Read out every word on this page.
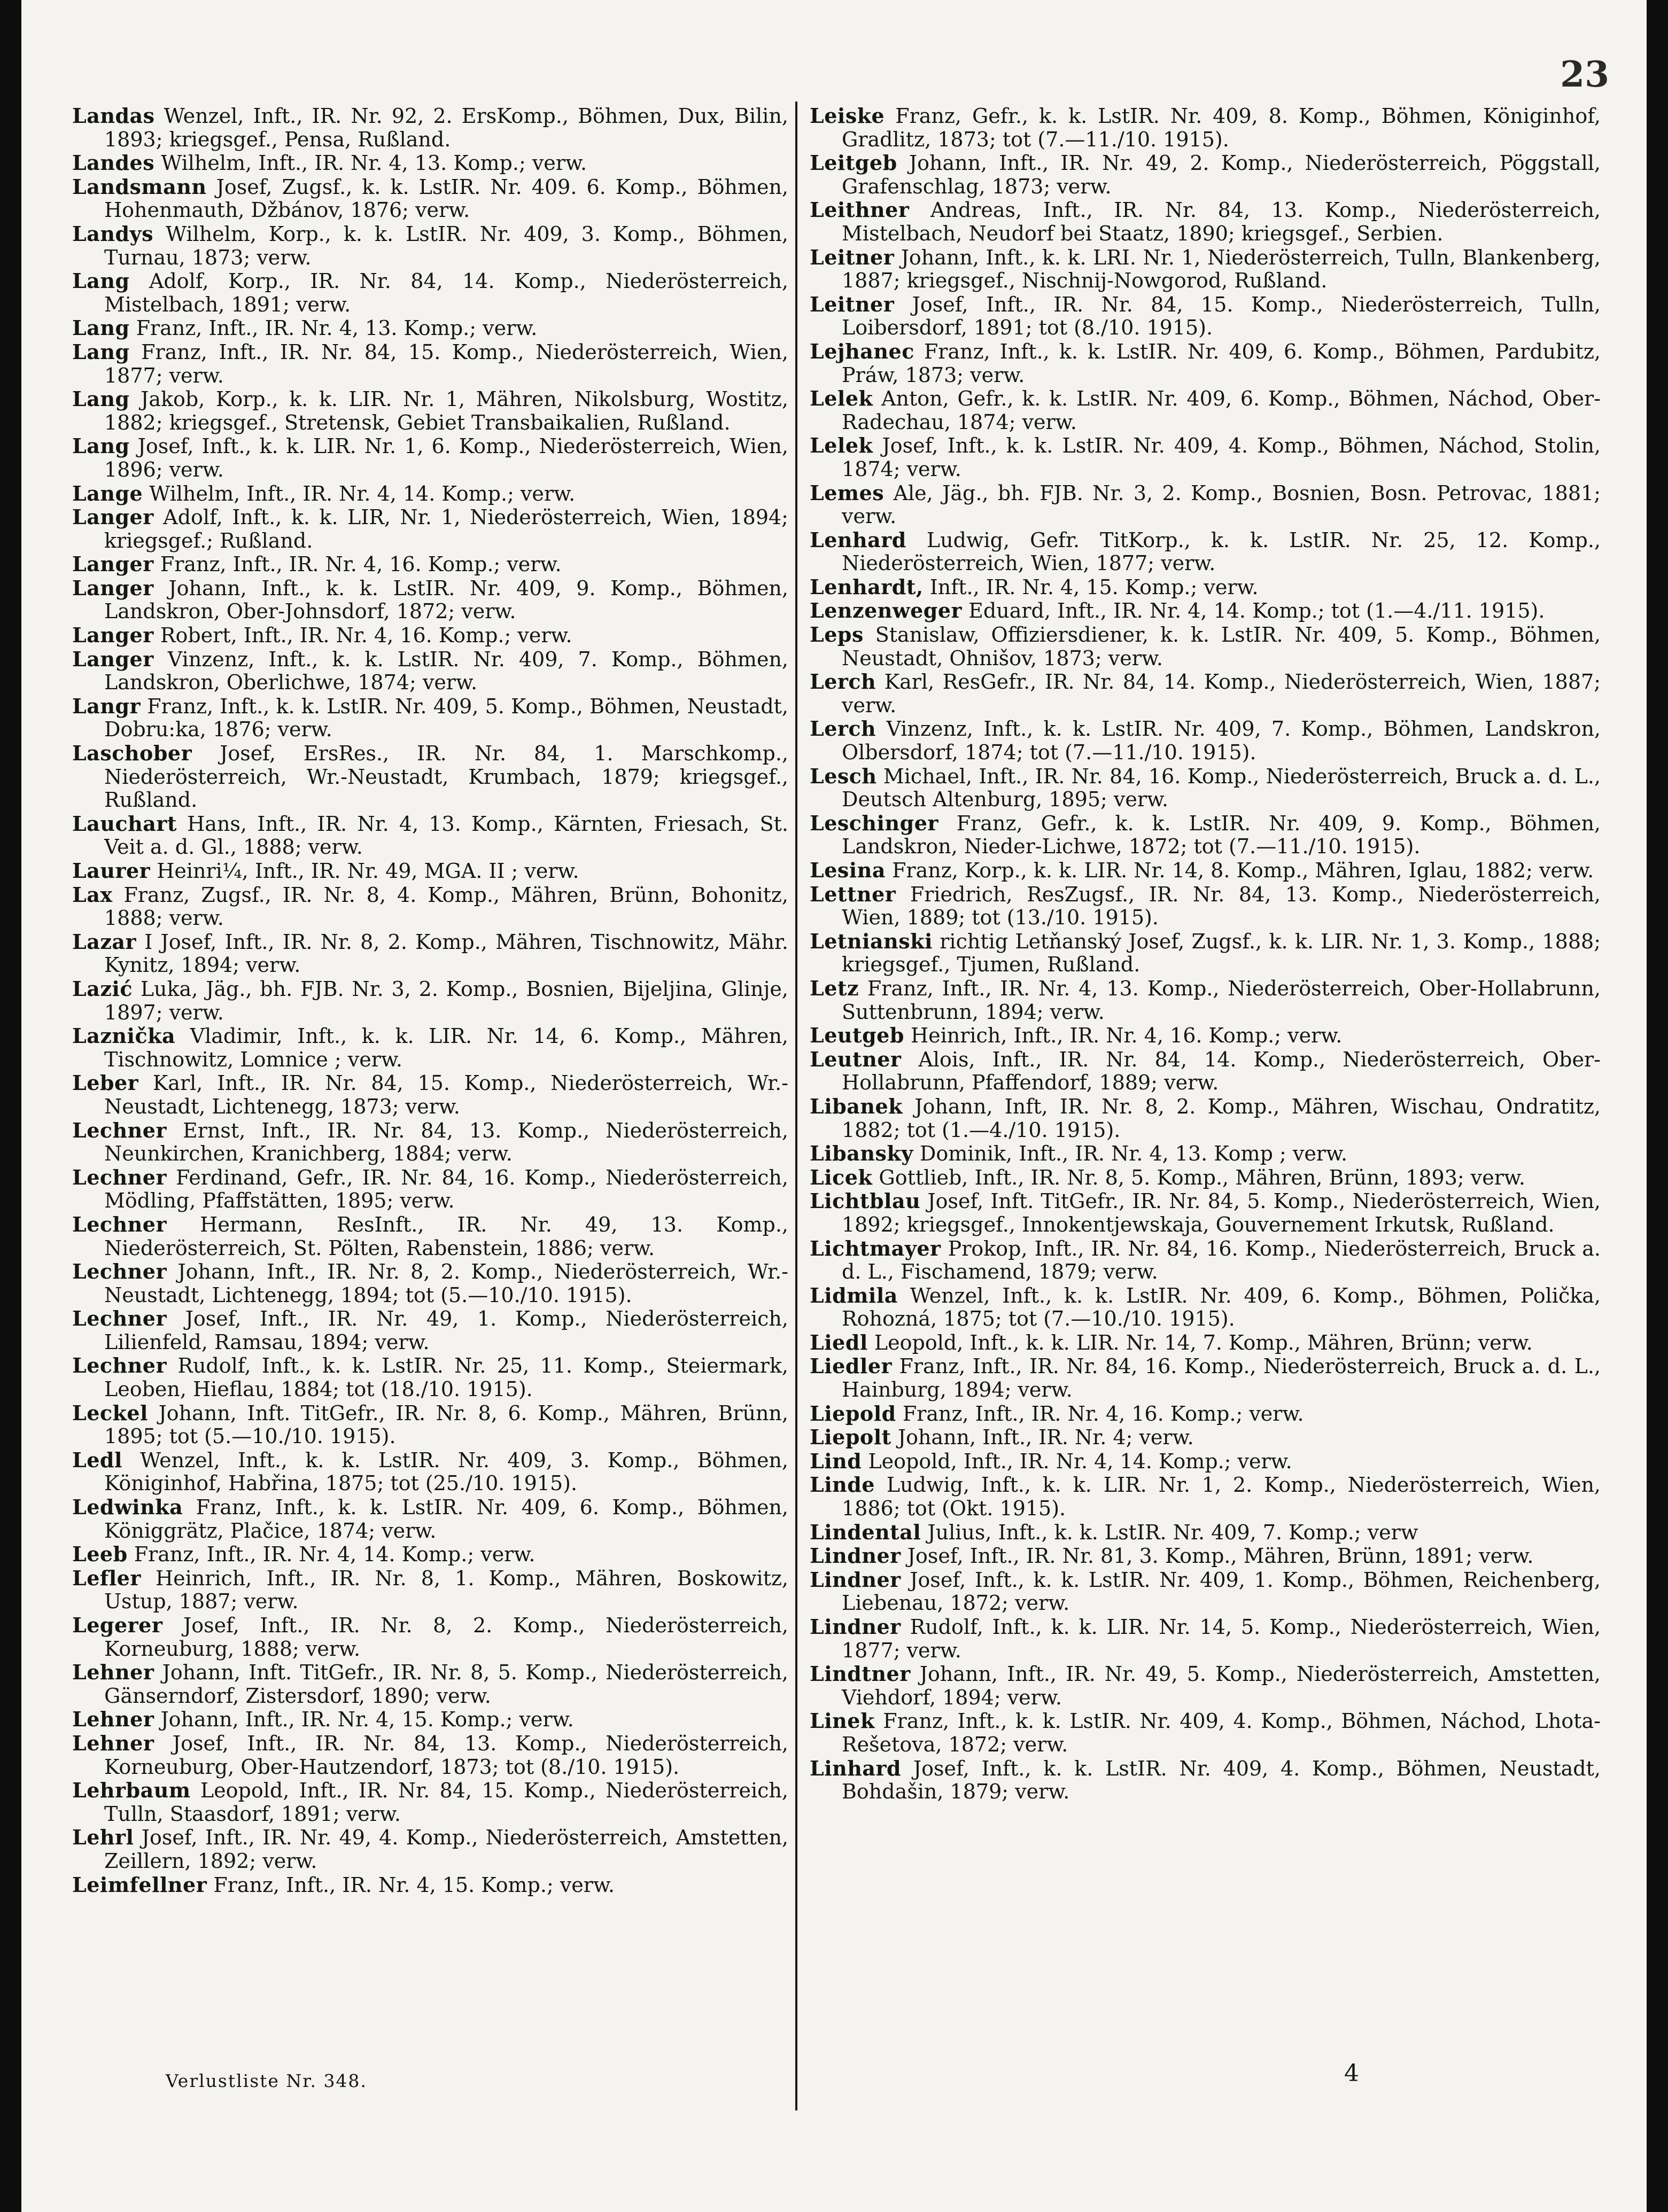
23

Landas Wenzel, Inft., IR. Nr. 92, 2. ErsKomp., Böhmen, Dux, Bilin, 1893; kriegsgef., Pensa, Rußland.

Landes Wilhelm, Inft., IR. Nr. 4, 13. Komp.; verw.

Landsmann Josef, Zugsf., k. k. LstIR. Nr. 409. 6. Komp., Böhmen, Hohenmauth, Džbánov, 1876; verw.

Landys Wilhelm, Korp., k. k. LstIR. Nr. 409, 3. Komp., Böhmen, Turnau, 1873; verw.

Lang Adolf, Korp., IR. Nr. 84, 14. Komp., Niederösterreich, Mistelbach, 1891; verw.

Lang Franz, Inft., IR. Nr. 4, 13. Komp.; verw.

Lang Franz, Inft., IR. Nr. 84, 15. Komp., Niederösterreich, Wien, 1877; verw.

Lang Jakob, Korp., k. k. LIR. Nr. 1, Mähren, Nikolsburg, Wostitz, 1882; kriegsgef., Stretensk, Gebiet Transbaikalien, Rußland.

Lang Josef, Inft., k. k. LIR. Nr. 1, 6. Komp., Niederösterreich, Wien, 1896; verw.

Lange Wilhelm, Inft., IR. Nr. 4, 14. Komp.; verw.

Langer Adolf, Inft., k. k. LIR, Nr. 1, Niederösterreich, Wien, 1894; kriegsgef.; Rußland.

Langer Franz, Inft., IR. Nr. 4, 16. Komp.; verw.

Langer Johann, Inft., k. k. LstIR. Nr. 409, 9. Komp., Böhmen, Landskron, Ober-Johnsdorf, 1872; verw.

Langer Robert, Inft., IR. Nr. 4, 16. Komp.; verw.

Langer Vinzenz, Inft., k. k. LstIR. Nr. 409, 7. Komp., Böhmen, Landskron, Oberlichwe, 1874; verw.

Langr Franz, Inft., k. k. LstIR. Nr. 409, 5. Komp., Böhmen, Neustadt, Dobru:ka, 1876; verw.

Laschober Josef, ErsRes., IR. Nr. 84, 1. Marschkomp., Niederösterreich, Wr.-Neustadt, Krumbach, 1879; kriegsgef., Rußland.

Lauchart Hans, Inft., IR. Nr. 4, 13. Komp., Kärnten, Friesach, St. Veit a. d. Gl., 1888; verw.

Laurer Heinri¼, Inft., IR. Nr. 49, MGA. II ; verw.

Lax Franz, Zugsf., IR. Nr. 8, 4. Komp., Mähren, Brünn, Bohonitz, 1888; verw.

Lazar I Josef, Inft., IR. Nr. 8, 2. Komp., Mähren, Tischnowitz, Mähr. Kynitz, 1894; verw.

Lazić Luka, Jäg., bh. FJB. Nr. 3, 2. Komp., Bosnien, Bijeljina, Glinje, 1897; verw.

Laznička Vladimir, Inft., k. k. LIR. Nr. 14, 6. Komp., Mähren, Tischnowitz, Lomnice ; verw.

Leber Karl, Inft., IR. Nr. 84, 15. Komp., Niederösterreich, Wr.-Neustadt, Lichtenegg, 1873; verw.

Lechner Ernst, Inft., IR. Nr. 84, 13. Komp., Niederösterreich, Neunkirchen, Kranichberg, 1884; verw.

Lechner Ferdinand, Gefr., IR. Nr. 84, 16. Komp., Niederösterreich, Mödling, Pfaffstätten, 1895; verw.

Lechner Hermann, ResInft., IR. Nr. 49, 13. Komp., Niederösterreich, St. Pölten, Rabenstein, 1886; verw.

Lechner Johann, Inft., IR. Nr. 8, 2. Komp., Niederösterreich, Wr.-Neustadt, Lichtenegg, 1894; tot (5.—10./10. 1915).

Lechner Josef, Inft., IR. Nr. 49, 1. Komp., Niederösterreich, Lilienfeld, Ramsau, 1894; verw.

Lechner Rudolf, Inft., k. k. LstIR. Nr. 25, 11. Komp., Steiermark, Leoben, Hieflau, 1884; tot (18./10. 1915).

Leckel Johann, Inft. TitGefr., IR. Nr. 8, 6. Komp., Mähren, Brünn, 1895; tot (5.—10./10. 1915).

Ledl Wenzel, Inft., k. k. LstIR. Nr. 409, 3. Komp., Böhmen, Königinhof, Habřina, 1875; tot (25./10. 1915).

Ledwinka Franz, Inft., k. k. LstIR. Nr. 409, 6. Komp., Böhmen, Königgrätz, Plačice, 1874; verw.

Leeb Franz, Inft., IR. Nr. 4, 14. Komp.; verw.

Lefler Heinrich, Inft., IR. Nr. 8, 1. Komp., Mähren, Boskowitz, Ustup, 1887; verw.

Legerer Josef, Inft., IR. Nr. 8, 2. Komp., Niederösterreich, Korneuburg, 1888; verw.

Lehner Johann, Inft. TitGefr., IR. Nr. 8, 5. Komp., Niederösterreich, Gänserndorf, Zistersdorf, 1890; verw.

Lehner Johann, Inft., IR. Nr. 4, 15. Komp.; verw.

Lehner Josef, Inft., IR. Nr. 84, 13. Komp., Niederösterreich, Korneuburg, Ober-Hautzendorf, 1873; tot (8./10. 1915).

Lehrbaum Leopold, Inft., IR. Nr. 84, 15. Komp., Niederösterreich, Tulln, Staasdorf, 1891; verw.

Lehrl Josef, Inft., IR. Nr. 49, 4. Komp., Niederösterreich, Amstetten, Zeillern, 1892; verw.

Leimfellner Franz, Inft., IR. Nr. 4, 15. Komp.; verw.

Leiske Franz, Gefr., k. k. LstIR. Nr. 409, 8. Komp., Böhmen, Königinhof, Gradlitz, 1873; tot (7.—11./10. 1915).

Leitgeb Johann, Inft., IR. Nr. 49, 2. Komp., Niederösterreich, Pöggstall, Grafenschlag, 1873; verw.

Leithner Andreas, Inft., IR. Nr. 84, 13. Komp., Niederösterreich, Mistelbach, Neudorf bei Staatz, 1890; kriegsgef., Serbien.

Leitner Johann, Inft., k. k. LRI. Nr. 1, Niederösterreich, Tulln, Blankenberg, 1887; kriegsgef., Nischnij-Nowgorod, Rußland.

Leitner Josef, Inft., IR. Nr. 84, 15. Komp., Niederösterreich, Tulln, Loibersdorf, 1891; tot (8./10. 1915).

Lejhanec Franz, Inft., k. k. LstIR. Nr. 409, 6. Komp., Böhmen, Pardubitz, Práw, 1873; verw.

Lelek Anton, Gefr., k. k. LstIR. Nr. 409, 6. Komp., Böhmen, Náchod, Ober-Radechau, 1874; verw.

Lelek Josef, Inft., k. k. LstIR. Nr. 409, 4. Komp., Böhmen, Náchod, Stolin, 1874; verw.

Lemes Ale, Jäg., bh. FJB. Nr. 3, 2. Komp., Bosnien, Bosn. Petrovac, 1881; verw.

Lenhard Ludwig, Gefr. TitKorp., k. k. LstIR. Nr. 25, 12. Komp., Niederösterreich, Wien, 1877; verw.

Lenhardt, Inft., IR. Nr. 4, 15. Komp.; verw.

Lenzenweger Eduard, Inft., IR. Nr. 4, 14. Komp.; tot (1.—4./11. 1915).

Leps Stanislaw, Offiziersdiener, k. k. LstIR. Nr. 409, 5. Komp., Böhmen, Neustadt, Ohnišov, 1873; verw.

Lerch Karl, ResGefr., IR. Nr. 84, 14. Komp., Niederösterreich, Wien, 1887; verw.

Lerch Vinzenz, Inft., k. k. LstIR. Nr. 409, 7. Komp., Böhmen, Landskron, Olbersdorf, 1874; tot (7.—11./10. 1915).

Lesch Michael, Inft., IR. Nr. 84, 16. Komp., Niederösterreich, Bruck a. d. L., Deutsch Altenburg, 1895; verw.

Leschinger Franz, Gefr., k. k. LstIR. Nr. 409, 9. Komp., Böhmen, Landskron, Nieder-Lichwe, 1872; tot (7.—11./10. 1915).

Lesina Franz, Korp., k. k. LIR. Nr. 14, 8. Komp., Mähren, Iglau, 1882; verw.

Lettner Friedrich, ResZugsf., IR. Nr. 84, 13. Komp., Niederösterreich, Wien, 1889; tot (13./10. 1915).

Letnianski richtig Letňanský Josef, Zugsf., k. k. LIR. Nr. 1, 3. Komp., 1888; kriegsgef., Tjumen, Rußland.

Letz Franz, Inft., IR. Nr. 4, 13. Komp., Niederösterreich, Ober-Hollabrunn, Suttenbrunn, 1894; verw.

Leutgeb Heinrich, Inft., IR. Nr. 4, 16. Komp.; verw.

Leutner Alois, Inft., IR. Nr. 84, 14. Komp., Niederösterreich, Ober-Hollabrunn, Pfaffendorf, 1889; verw.

Libanek Johann, Inft, IR. Nr. 8, 2. Komp., Mähren, Wischau, Ondratitz, 1882; tot (1.—4./10. 1915).

Libansky Dominik, Inft., IR. Nr. 4, 13. Komp ; verw.

Licek Gottlieb, Inft., IR. Nr. 8, 5. Komp., Mähren, Brünn, 1893; verw.

Lichtblau Josef, Inft. TitGefr., IR. Nr. 84, 5. Komp., Niederösterreich, Wien, 1892; kriegsgef., Innokentjewskaja, Gouvernement Irkutsk, Rußland.

Lichtmayer Prokop, Inft., IR. Nr. 84, 16. Komp., Niederösterreich, Bruck a. d. L., Fischamend, 1879; verw.

Lidmila Wenzel, Inft., k. k. LstIR. Nr. 409, 6. Komp., Böhmen, Polička, Rohozná, 1875; tot (7.—10./10. 1915).

Liedl Leopold, Inft., k. k. LIR. Nr. 14, 7. Komp., Mähren, Brünn; verw.

Liedler Franz, Inft., IR. Nr. 84, 16. Komp., Niederösterreich, Bruck a. d. L., Hainburg, 1894; verw.

Liepold Franz, Inft., IR. Nr. 4, 16. Komp.; verw.

Liepolt Johann, Inft., IR. Nr. 4; verw.

Lind Leopold, Inft., IR. Nr. 4, 14. Komp.; verw.

Linde Ludwig, Inft., k. k. LIR. Nr. 1, 2. Komp., Niederösterreich, Wien, 1886; tot (Okt. 1915).

Lindental Julius, Inft., k. k. LstIR. Nr. 409, 7. Komp.; verw

Lindner Josef, Inft., IR. Nr. 81, 3. Komp., Mähren, Brünn, 1891; verw.

Lindner Josef, Inft., k. k. LstIR. Nr. 409, 1. Komp., Böhmen, Reichenberg, Liebenau, 1872; verw.

Lindner Rudolf, Inft., k. k. LIR. Nr. 14, 5. Komp., Niederösterreich, Wien, 1877; verw.

Lindtner Johann, Inft., IR. Nr. 49, 5. Komp., Niederösterreich, Amstetten, Viehdorf, 1894; verw.

Linek Franz, Inft., k. k. LstIR. Nr. 409, 4. Komp., Böhmen, Náchod, Lhota-Rešetova, 1872; verw.

Linhard Josef, Inft., k. k. LstIR. Nr. 409, 4. Komp., Böhmen, Neustadt, Bohdašin, 1879; verw.

Verlustliste Nr. 348.	4
